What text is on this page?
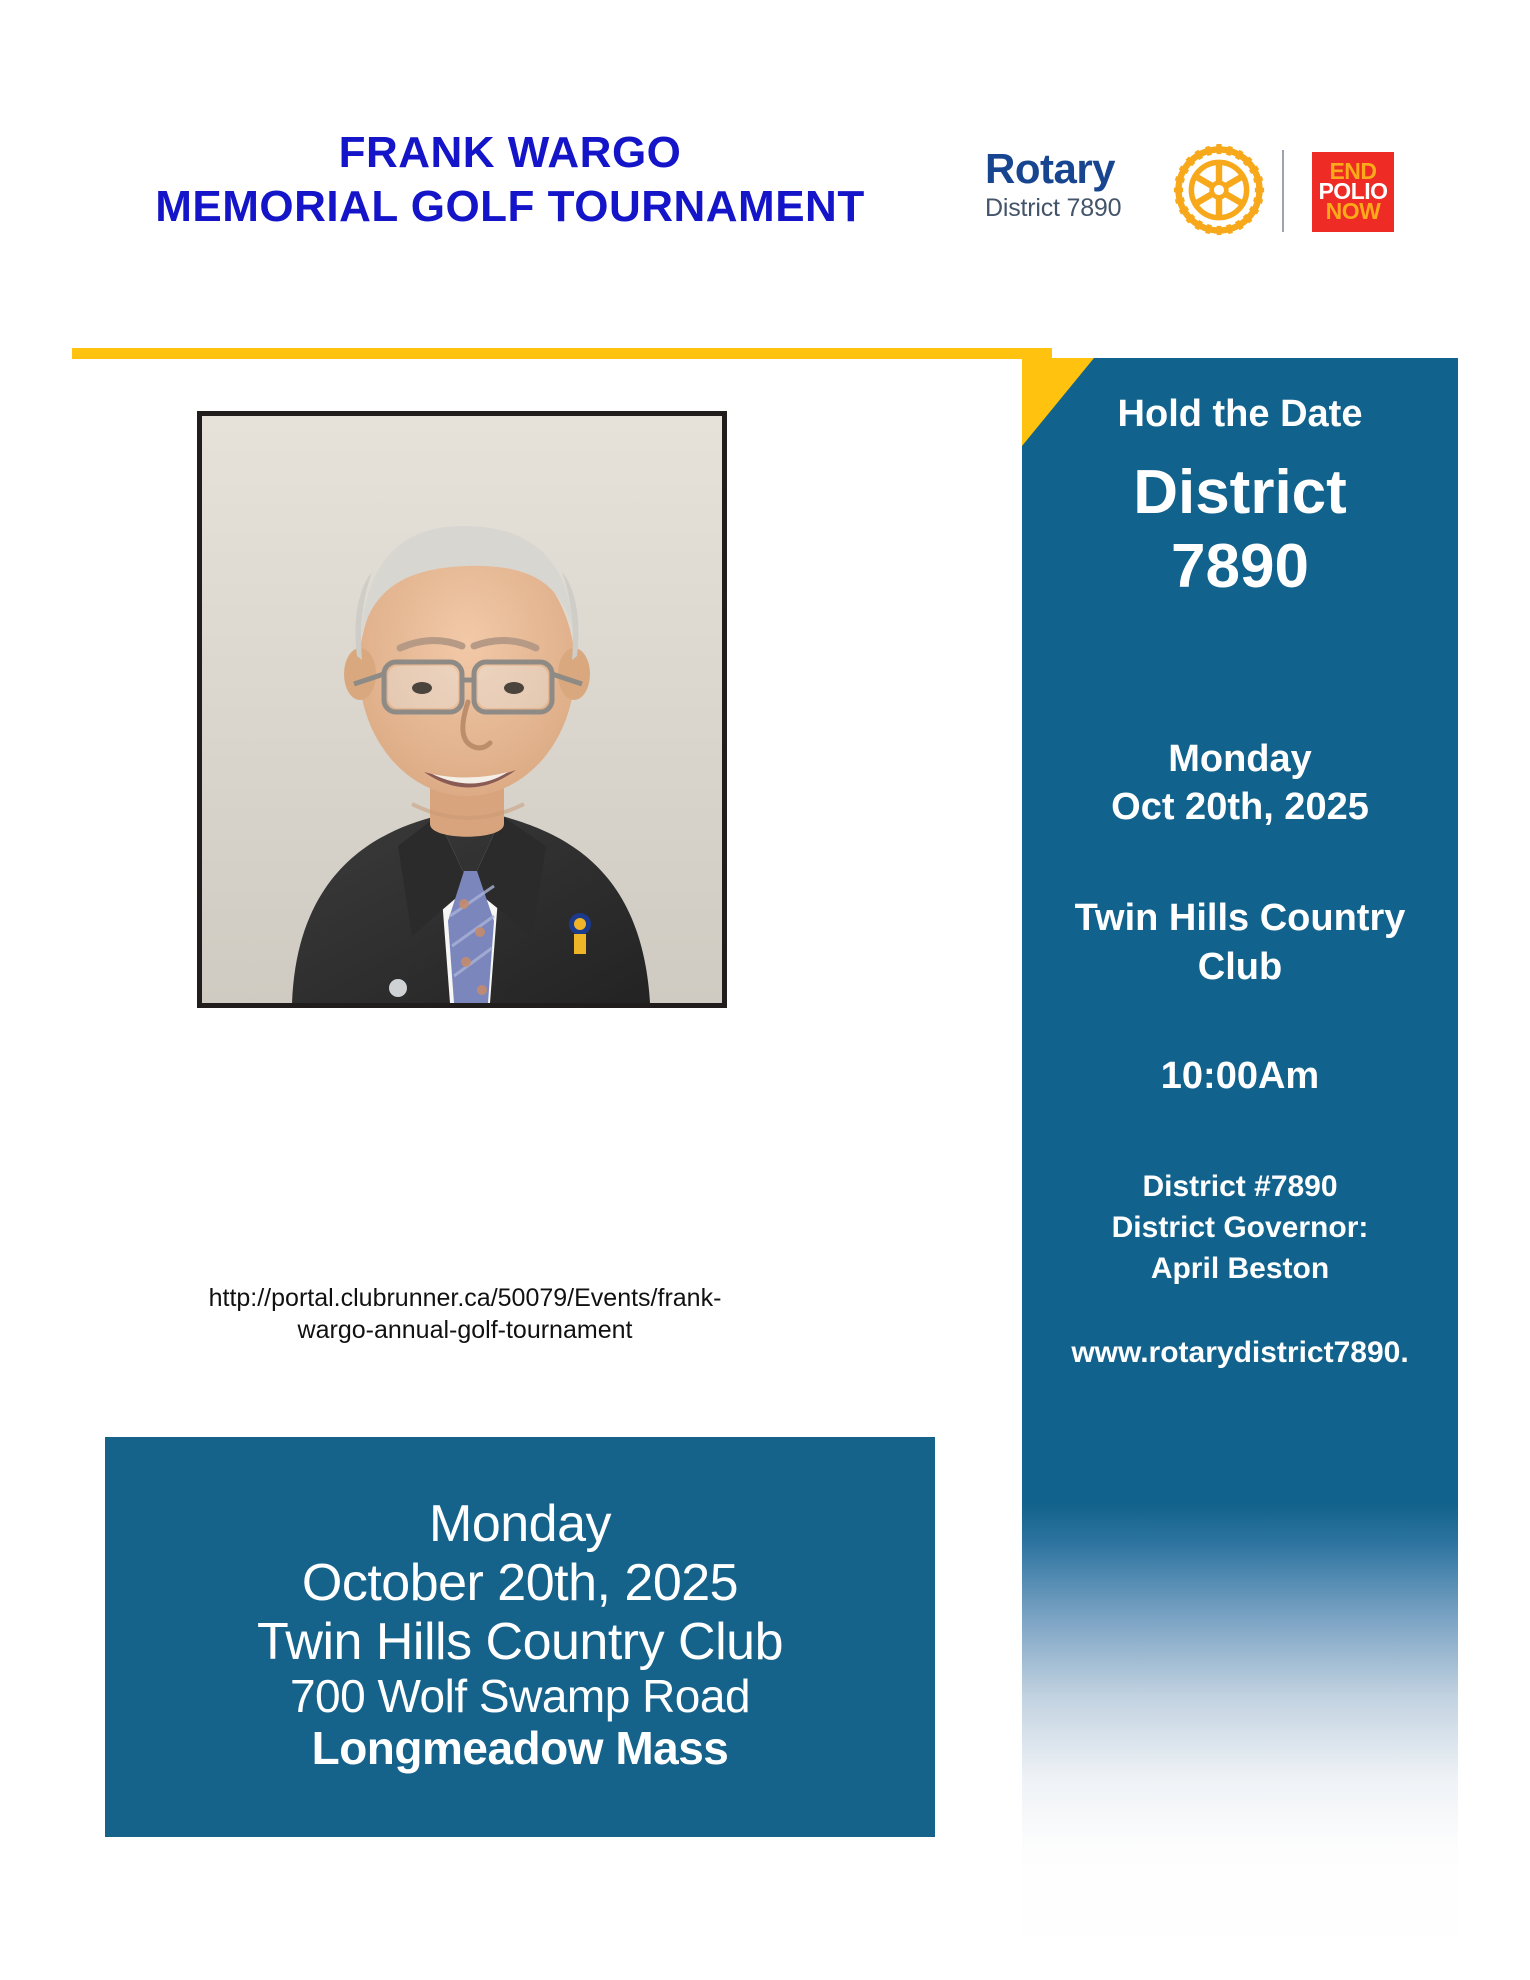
FRANK WARGO
MEMORIAL GOLF TOURNAMENT
Rotary
District 7890
END
POLIO
NOW
http://portal.clubrunner.ca/50079/Events/frank-
wargo-annual-golf-tournament
Hold the Date
District
7890
Monday
Oct 20th, 2025
Twin Hills Country
Club
10:00Am
District #7890
District Governor:
April Beston
www.rotarydistrict7890.
Monday
October 20th, 2025
Twin Hills Country Club
700 Wolf Swamp Road
Longmeadow Mass
